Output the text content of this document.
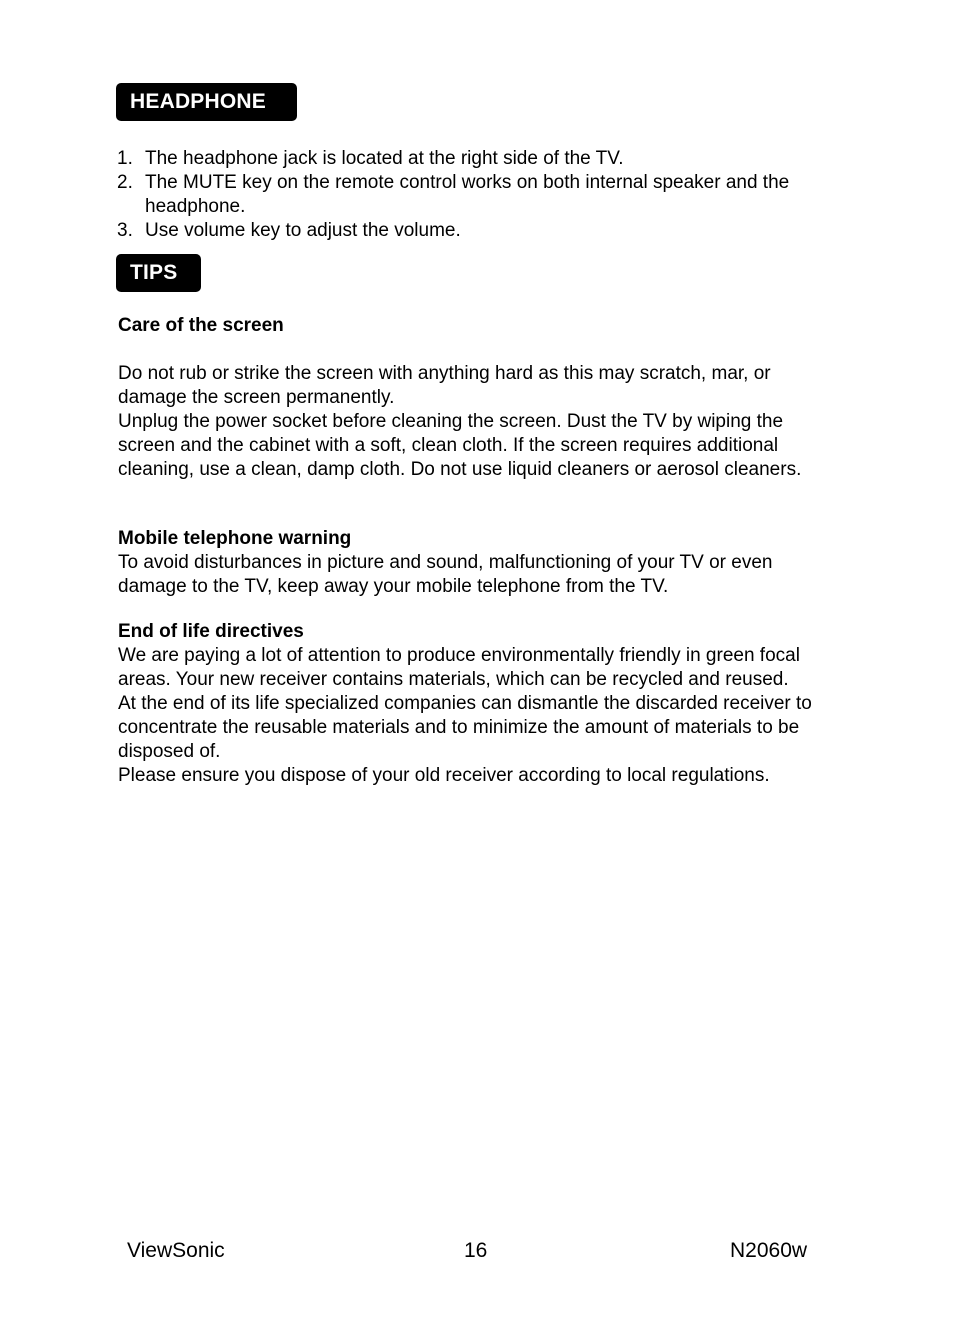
HEADPHONE
1. The headphone jack is located at the right side of the TV.
2. The MUTE key on the remote control works on both internal speaker and the headphone.
3. Use volume key to adjust the volume.
TIPS
Care of the screen

Do not rub or strike the screen with anything hard as this may scratch, mar, or damage the screen permanently.

Unplug the power socket before cleaning the screen. Dust the TV by wiping the screen and the cabinet with a soft, clean cloth. If the screen requires additional cleaning, use a clean, damp cloth. Do not use liquid cleaners or aerosol cleaners.

Mobile telephone warning

To avoid disturbances in picture and sound, malfunctioning of your TV or even damage to the TV, keep away your mobile telephone from the TV.

End of life directives

We are paying a lot of attention to produce environmentally friendly in green focal areas. Your new receiver contains materials, which can be recycled and reused.

At the end of its life specialized companies can dismantle the discarded receiver to concentrate the reusable materials and to minimize the amount of materials to be disposed of.

Please ensure you dispose of your old receiver according to local regulations.

ViewSonic	16	N2060w
